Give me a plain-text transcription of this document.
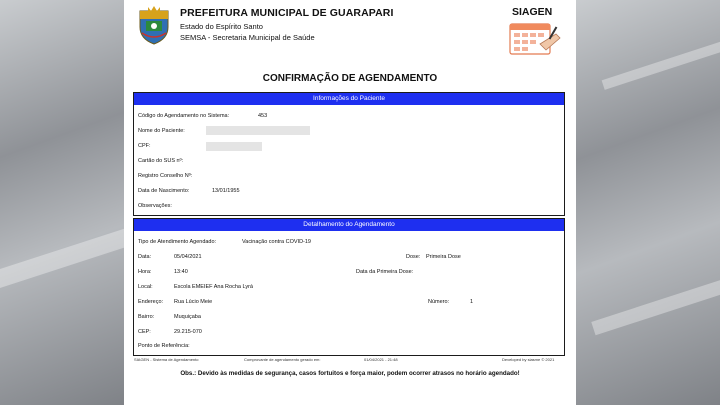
PREFEITURA MUNICIPAL DE GUARAPARI
Estado do Espírito Santo
SEMSA - Secretaria Municipal de Saúde
SIAGEN
CONFIRMAÇÃO DE AGENDAMENTO
Informações do Paciente
Código do Agendamento no Sistema:	453
Nome do Paciente:
CPF:
Cartão do SUS nº:
Registro Conselho Nº:
Data de Nascimento:	13/01/1955
Observações:
Detalhamento do Agendamento
Tipo de Atendimento Agendado:	Vacinação contra COVID-19
Data:	05/04/2021	Dose: Primeira Dose
Hora:	13:40	Data da Primeira Dose:
Local:	Escola EMEIEF Ana Rocha Lyrá
Endereço: Rua Lúcio Meie	Número:	1
Bairro:	Muquiçaba
CEP:	29.215-070
Ponto de Referência:
SIAGEN - Sistema de Agendamento	Comprovante de agendamento gerado em:	01/04/2021 - 21:48	Developed by siasme © 2021
Obs.: Devido às medidas de segurança, casos fortuitos e força maior, podem ocorrer atrasos no horário agendado!
